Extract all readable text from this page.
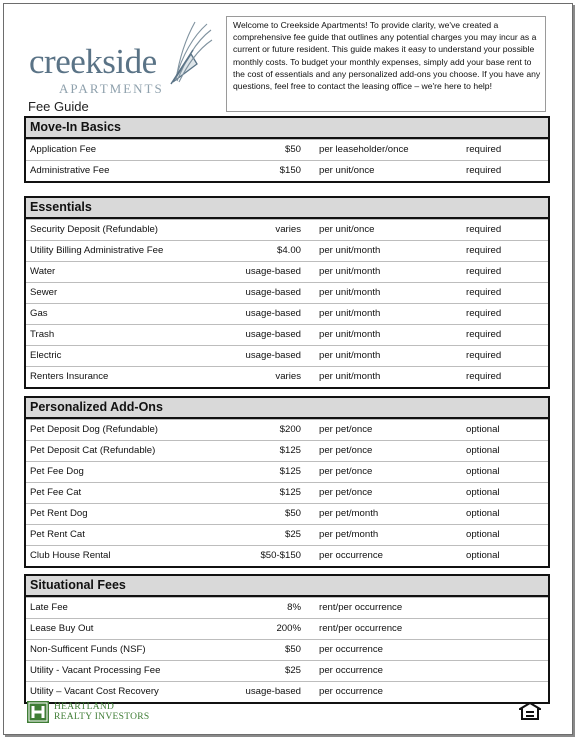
creekside
APARTMENTS
Fee Guide
Welcome to Creekside Apartments! To provide clarity, we've created a comprehensive fee guide that outlines any potential charges you may incur as a current or future resident. This guide makes it easy to understand your possible monthly costs. To budget your monthly expenses, simply add your base rent to the cost of essentials and any personalized add-ons you choose. If you have any questions, feel free to contact the leasing office – we're here to help!
Move-In Basics
Application Fee	$50 per leaseholder/once	required
Administrative Fee	$150 per unit/once	required
Essentials
Security Deposit (Refundable)	varies per unit/once	required
Utility Billing Administrative Fee	$4.00 per unit/month	required
Water	usage-based per unit/month	required
Sewer	usage-based per unit/month	required
Gas	usage-based per unit/month	required
Trash	usage-based per unit/month	required
Electric	usage-based per unit/month	required
Renters Insurance	varies per unit/month	required
Personalized Add-Ons
Pet Deposit Dog (Refundable)	$200 per pet/once	optional
Pet Deposit Cat (Refundable)	$125 per pet/once	optional
Pet Fee Dog	$125 per pet/once	optional
Pet Fee Cat	$125 per pet/once	optional
Pet Rent Dog	$50 per pet/month	optional
Pet Rent Cat	$25 per pet/month	optional
Club House Rental	$50-$150 per occurrence	optional
Situational Fees
Late Fee	8% rent/per occurrence
Lease Buy Out	200% rent/per occurrence
Non-Sufficent Funds (NSF)	$50 per occurrence
Utility - Vacant Processing Fee	$25 per occurrence
Utility – Vacant Cost Recovery	usage-based per occurrence
HEARTLAND
REALTY INVESTORS
